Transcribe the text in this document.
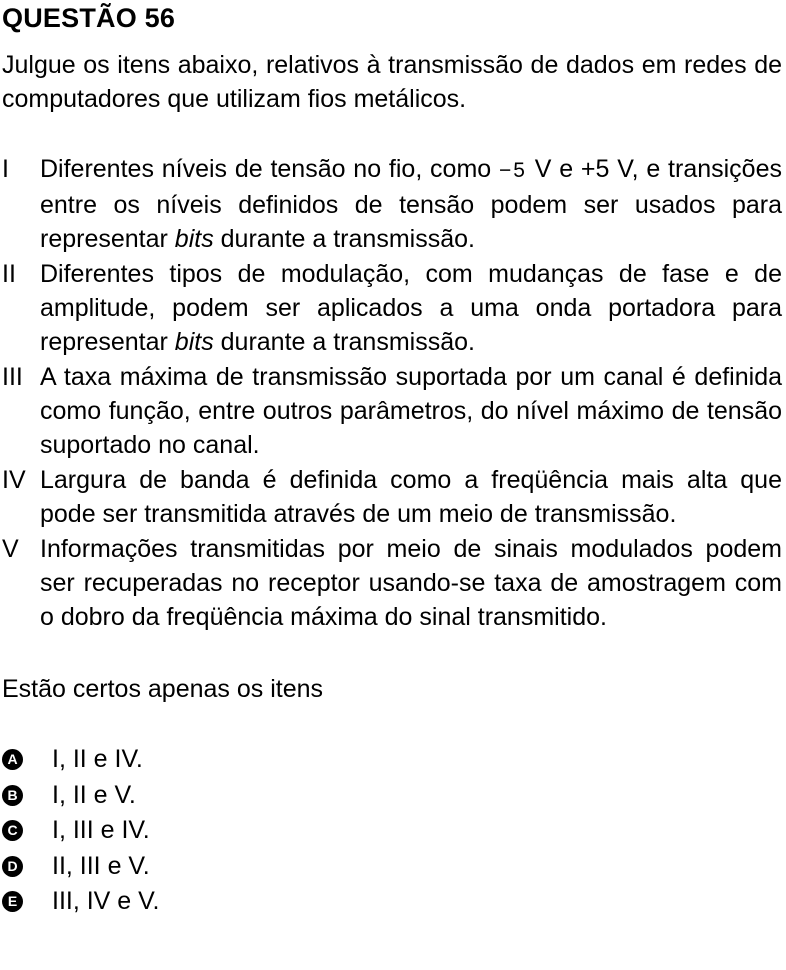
QUESTÃO 56

Julgue os itens abaixo, relativos à transmissão de dados em redes de computadores que utilizam fios metálicos.

I	Diferentes níveis de tensão no fio, como −5 V e +5 V, e transições entre os níveis definidos de tensão podem ser usados para representar bits durante a transmissão.
II Diferentes tipos de modulação, com mudanças de fase e de amplitude, podem ser aplicados a uma onda portadora para representar bits durante a transmissão.
III A taxa máxima de transmissão suportada por um canal é definida como função, entre outros parâmetros, do nível máximo de tensão suportado no canal.
IV Largura de banda é definida como a freqüência mais alta que pode ser transmitida através de um meio de transmissão.
V Informações transmitidas por meio de sinais modulados podem ser recuperadas no receptor usando-se taxa de amostragem com o dobro da freqüência máxima do sinal transmitido.

Estão certos apenas os itens

A I, II e IV.
B I, II e V.
C I, III e IV.
D II, III e V.
E III, IV e V.
